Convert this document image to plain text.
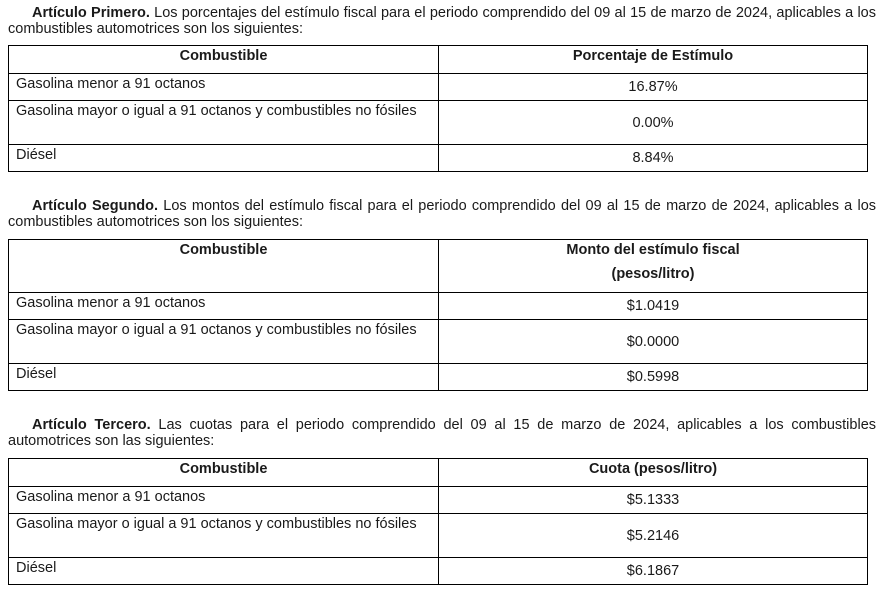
Artículo Primero. Los porcentajes del estímulo fiscal para el periodo comprendido del 09 al 15 de marzo de 2024, aplicables a los combustibles automotrices son los siguientes:

Combustible	Porcentaje de Estímulo
Gasolina menor a 91 octanos	16.87%
Gasolina mayor o igual a 91 octanos y combustibles no fósiles	0.00%
Diésel	8.84%

Artículo Segundo. Los montos del estímulo fiscal para el periodo comprendido del 09 al 15 de marzo de 2024, aplicables a los combustibles automotrices son los siguientes:

Combustible	Monto del estímulo fiscal
(pesos/litro)

Gasolina menor a 91 octanos	$1.0419
Gasolina mayor o igual a 91 octanos y combustibles no fósiles	$0.0000
Diésel	$0.5998

Artículo Tercero. Las cuotas para el periodo comprendido del 09 al 15 de marzo de 2024, aplicables a los combustibles automotrices son las siguientes:

Combustible	Cuota (pesos/litro)
Gasolina menor a 91 octanos	$5.1333
Gasolina mayor o igual a 91 octanos y combustibles no fósiles	$5.2146
Diésel	$6.1867
